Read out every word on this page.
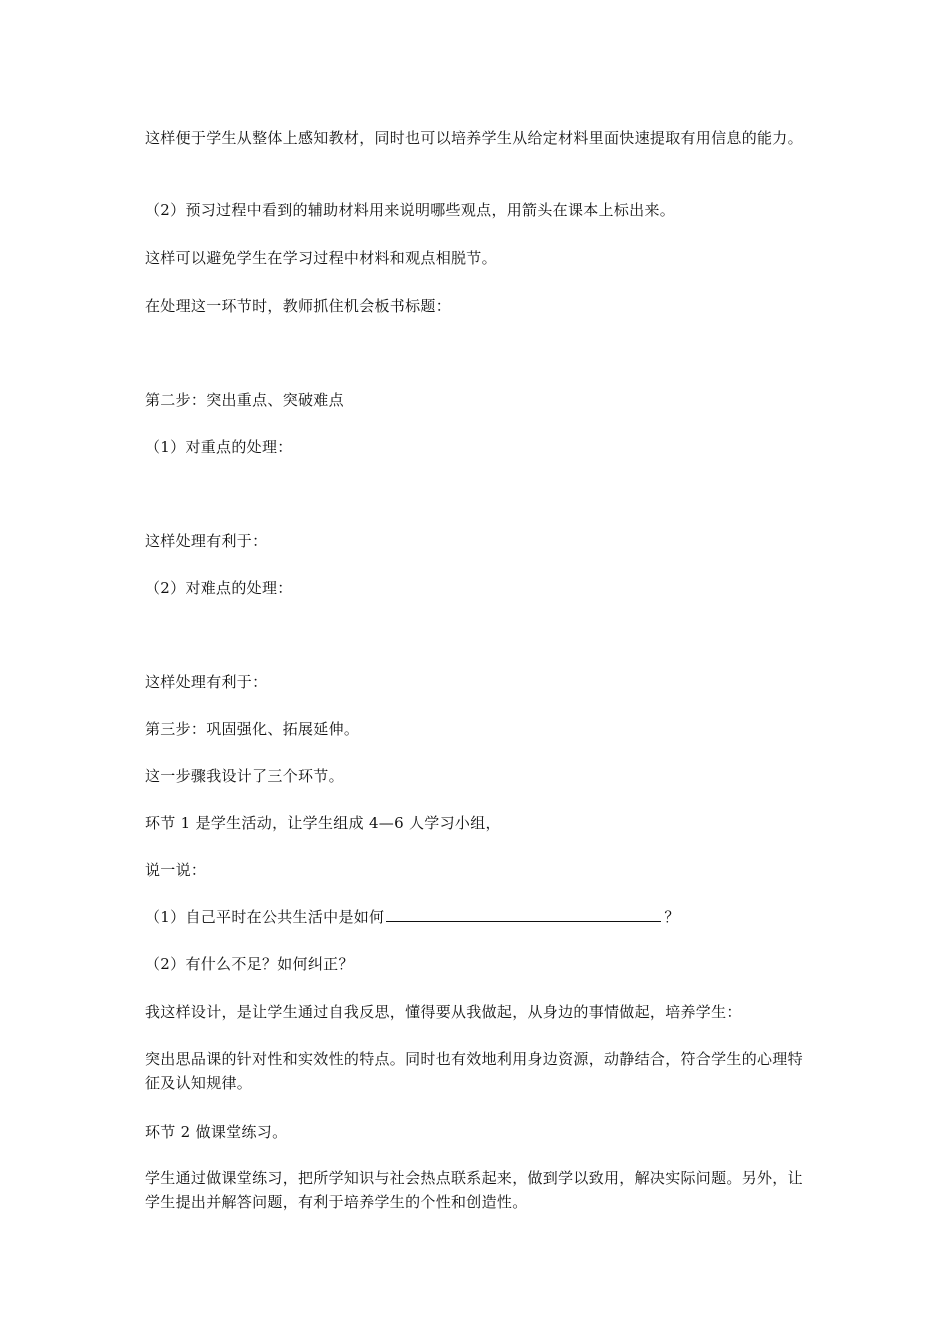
这样便于学生从整体上感知教材，同时也可以培养学生从给定材料里面快速提取有用信息的能力。
（2）预习过程中看到的辅助材料用来说明哪些观点，用箭头在课本上标出来。
这样可以避免学生在学习过程中材料和观点相脱节。
在处理这一环节时，教师抓住机会板书标题：
第二步：突出重点、突破难点
（1）对重点的处理：
这样处理有利于：
（2）对难点的处理：
这样处理有利于：
第三步：巩固强化、拓展延伸。
这一步骤我设计了三个环节。
环节 1 是学生活动，让学生组成 4—6 人学习小组，
说一说：
（1）自己平时在公共生活中是如何	？
（2）有什么不足？如何纠正？
我这样设计，是让学生通过自我反思，懂得要从我做起，从身边的事情做起，培养学生：
突出思品课的针对性和实效性的特点。同时也有效地利用身边资源，动静结合，符合学生的心理特征及认知规律。
环节 2 做课堂练习。
学生通过做课堂练习，把所学知识与社会热点联系起来，做到学以致用，解决实际问题。另外，让学生提出并解答问题，有利于培养学生的个性和创造性。
